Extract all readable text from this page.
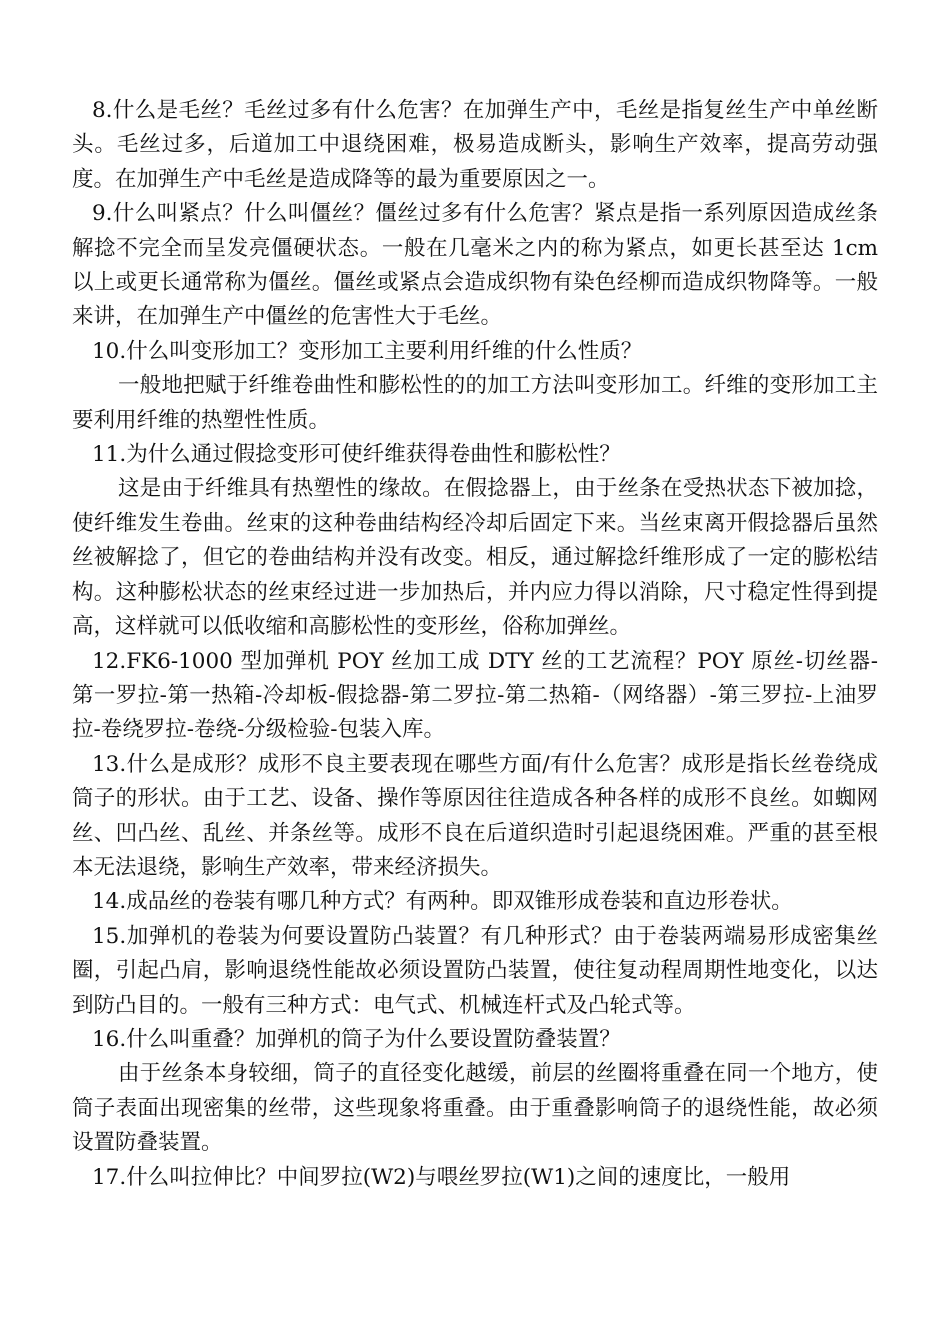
8.什么是毛丝？毛丝过多有什么危害？在加弹生产中，毛丝是指复丝生产中单丝断头。毛丝过多，后道加工中退绕困难，极易造成断头，影响生产效率，提高劳动强度。在加弹生产中毛丝是造成降等的最为重要原因之一。

9.什么叫紧点？什么叫僵丝？僵丝过多有什么危害？紧点是指一系列原因造成丝条解捻不完全而呈发亮僵硬状态。一般在几毫米之内的称为紧点，如更长甚至达 1cm 以上或更长通常称为僵丝。僵丝或紧点会造成织物有染色经柳而造成织物降等。一般来讲，在加弹生产中僵丝的危害性大于毛丝。

10.什么叫变形加工？变形加工主要利用纤维的什么性质？

一般地把赋于纤维卷曲性和膨松性的的加工方法叫变形加工。纤维的变形加工主要利用纤维的热塑性性质。

11.为什么通过假捻变形可使纤维获得卷曲性和膨松性？

这是由于纤维具有热塑性的缘故。在假捻器上，由于丝条在受热状态下被加捻，使纤维发生卷曲。丝束的这种卷曲结构经冷却后固定下来。当丝束离开假捻器后虽然丝被解捻了，但它的卷曲结构并没有改变。相反，通过解捻纤维形成了一定的膨松结构。这种膨松状态的丝束经过进一步加热后，并内应力得以消除，尺寸稳定性得到提高，这样就可以低收缩和高膨松性的变形丝，俗称加弹丝。

12.FK6-1000 型加弹机 POY 丝加工成 DTY 丝的工艺流程？POY 原丝-切丝器-第一罗拉-第一热箱-冷却板-假捻器-第二罗拉-第二热箱-（网络器）-第三罗拉-上油罗拉-卷绕罗拉-卷绕-分级检验-包装入库。

13.什么是成形？成形不良主要表现在哪些方面/有什么危害？成形是指长丝卷绕成筒子的形状。由于工艺、设备、操作等原因往往造成各种各样的成形不良丝。如蜘网丝、凹凸丝、乱丝、并条丝等。成形不良在后道织造时引起退绕困难。严重的甚至根本无法退绕，影响生产效率，带来经济损失。

14.成品丝的卷装有哪几种方式？有两种。即双锥形成卷装和直边形卷状。

15.加弹机的卷装为何要设置防凸装置？有几种形式？由于卷装两端易形成密集丝圈，引起凸肩，影响退绕性能故必须设置防凸装置，使往复动程周期性地变化，以达到防凸目的。一般有三种方式：电气式、机械连杆式及凸轮式等。

16.什么叫重叠？加弹机的筒子为什么要设置防叠装置？

由于丝条本身较细，筒子的直径变化越缓，前层的丝圈将重叠在同一个地方，使筒子表面出现密集的丝带，这些现象将重叠。由于重叠影响筒子的退绕性能，故必须设置防叠装置。

17.什么叫拉伸比？中间罗拉(W2)与喂丝罗拉(W1)之间的速度比，一般用
